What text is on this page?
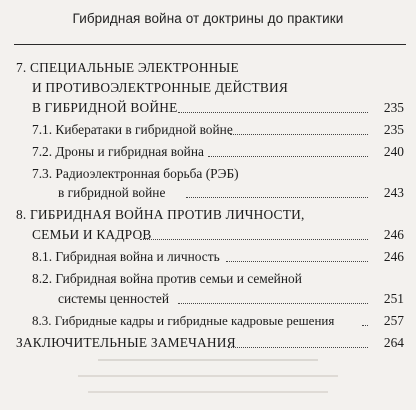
Гибридная война от доктрины до практики
7. СПЕЦИАЛЬНЫЕ ЭЛЕКТРОННЫЕ
И ПРОТИВОЭЛЕКТРОННЫЕ ДЕЙСТВИЯ
В ГИБРИДНОЙ ВОЙНЕ	235
7.1. Кибератаки в гибридной войне	235
7.2. Дроны и гибридная война	240
7.3. Радиоэлектронная борьба (РЭБ)
в гибридной войне	243
8. ГИБРИДНАЯ ВОЙНА ПРОТИВ ЛИЧНОСТИ,
СЕМЬИ И КАДРОВ	246
8.1. Гибридная война и личность	246
8.2. Гибридная война против семьи и семейной
системы ценностей	251
8.3. Гибридные кадры и гибридные кадровые решения	257
ЗАКЛЮЧИТЕЛЬНЫЕ ЗАМЕЧАНИЯ	264
